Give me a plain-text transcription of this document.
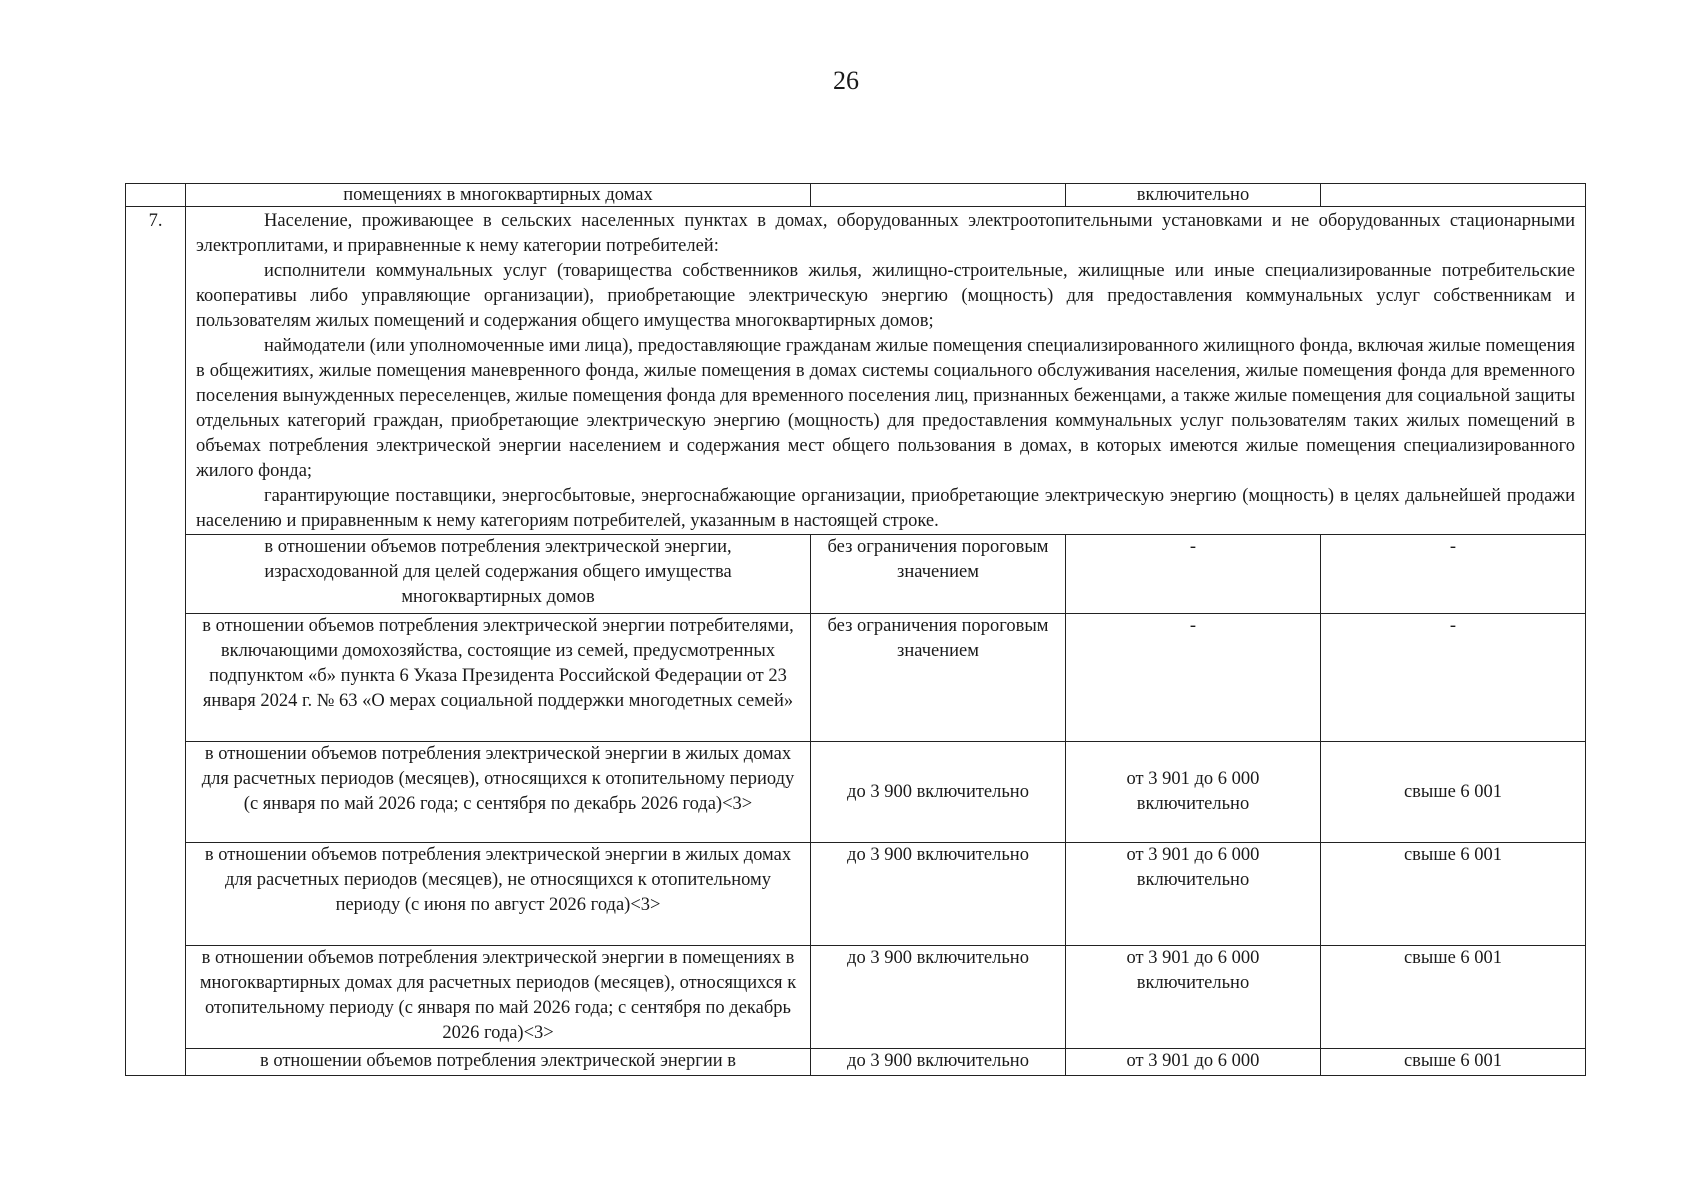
26
	помещениях в многоквартирных домах		включительно	
7.	Население, проживающее в сельских населенных пунктах в домах, оборудованных электроотопительными установками и не оборудованных стационарными электроплитами, и приравненные к нему категории потребителей:

исполнители коммунальных услуг (товарищества собственников жилья, жилищно-строительные, жилищные или иные специализированные потребительские кооперативы либо управляющие организации), приобретающие электрическую энергию (мощность) для предоставления коммунальных услуг собственникам и пользователям жилых помещений и содержания общего имущества многоквартирных домов;

наймодатели (или уполномоченные ими лица), предоставляющие гражданам жилые помещения специализированного жилищного фонда, включая жилые помещения в общежитиях, жилые помещения маневренного фонда, жилые помещения в домах системы социального обслуживания населения, жилые помещения фонда для временного поселения вынужденных переселенцев, жилые помещения фонда для временного поселения лиц, признанных беженцами, а также жилые помещения для социальной защиты отдельных категорий граждан, приобретающие электрическую энергию (мощность) для предоставления коммунальных услуг пользователям таких жилых помещений в объемах потребления электрической энергии населением и содержания мест общего пользования в домах, в которых имеются жилые помещения специализированного жилого фонда;

гарантирующие поставщики, энергосбытовые, энергоснабжающие организации, приобретающие электрическую энергию (мощность) в целях дальнейшей продажи населению и приравненным к нему категориям потребителей, указанным в настоящей строке.			

	в отношении объемов потребления электрической энергии, израсходованной для целей содержания общего имущества многоквартирных домов	без ограничения пороговым значением	-	-
	в отношении объемов потребления электрической энергии потребителями, включающими домохозяйства, состоящие из семей, предусмотренных подпунктом «б» пункта 6 Указа Президента Российской Федерации от 23 января 2024 г. № 63 «О мерах социальной поддержки многодетных семей»	без ограничения пороговым значением	-	-
	в отношении объемов потребления электрической энергии в жилых домах для расчетных периодов (месяцев), относящихся к отопительному периоду (с января по май 2026 года; с сентября по декабрь 2026 года)<3>	до 3 900 включительно	от 3 901 до 6 000 включительно	свыше 6 001
	в отношении объемов потребления электрической энергии в жилых домах для расчетных периодов (месяцев), не относящихся к отопительному периоду (с июня по август 2026 года)<3>	до 3 900 включительно	от 3 901 до 6 000 включительно	свыше 6 001
	в отношении объемов потребления электрической энергии в помещениях в многоквартирных домах для расчетных периодов (месяцев), относящихся к отопительному периоду (с января по май 2026 года; с сентября по декабрь 2026 года)<3>	до 3 900 включительно	от 3 901 до 6 000 включительно	свыше 6 001
	в отношении объемов потребления электрической энергии в	до 3 900 включительно	от 3 901 до 6 000	свыше 6 001
